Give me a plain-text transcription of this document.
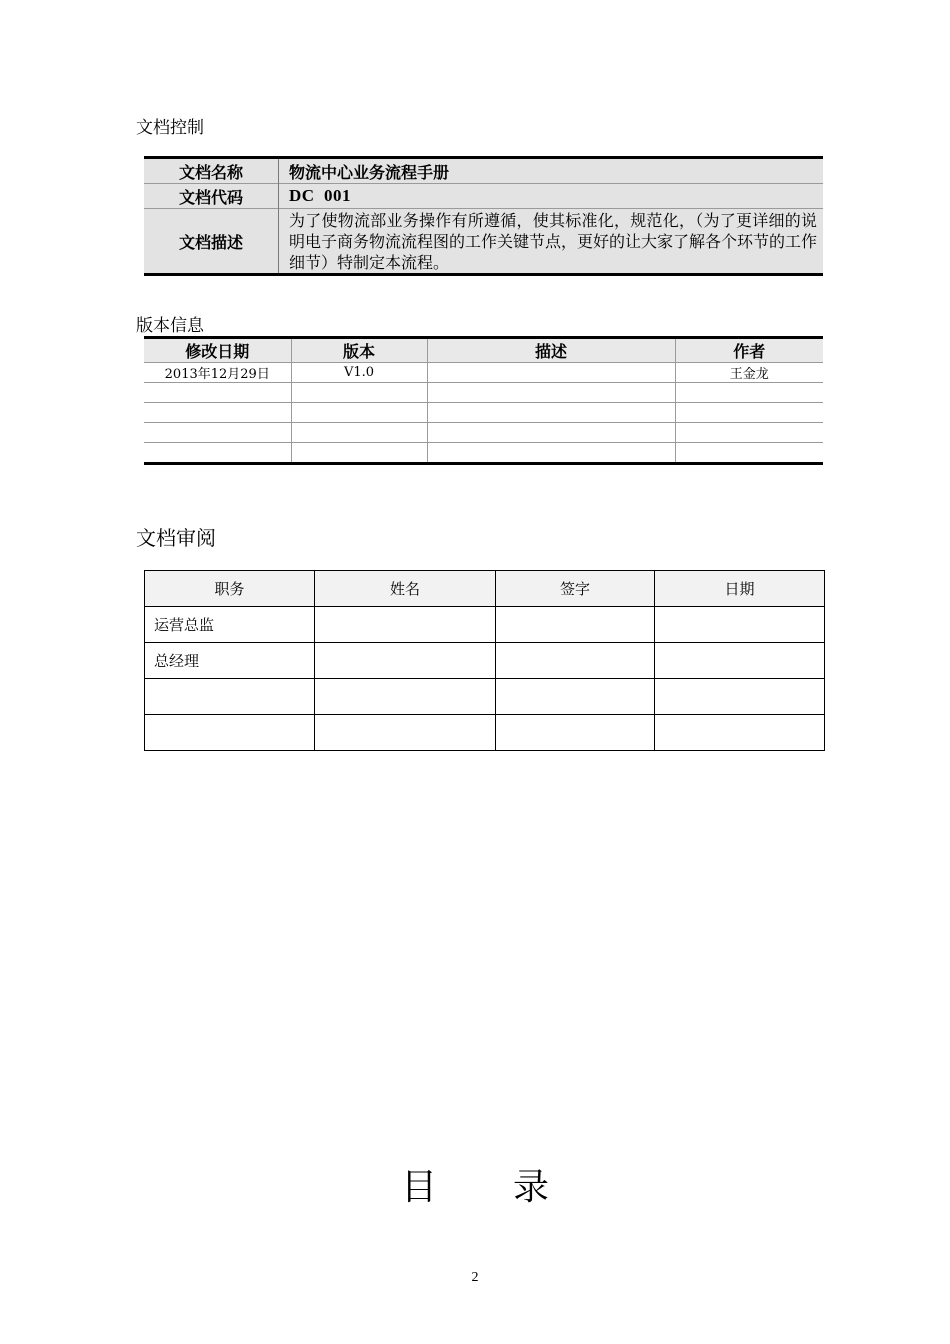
文档控制
文档名称	物流中心业务流程手册
文档代码	DC  001
文档描述	为了使物流部业务操作有所遵循，使其标准化，规范化，（为了更详细的说明电子商务物流流程图的工作关键节点，更好的让大家了解各个环节的工作细节）特制定本流程。
版本信息
修改日期	版本	描述	作者
2013年12月29日	V1.0		王金龙

文档审阅
职务	姓名	签字	日期
运营总监			
总经理			

目录
2
